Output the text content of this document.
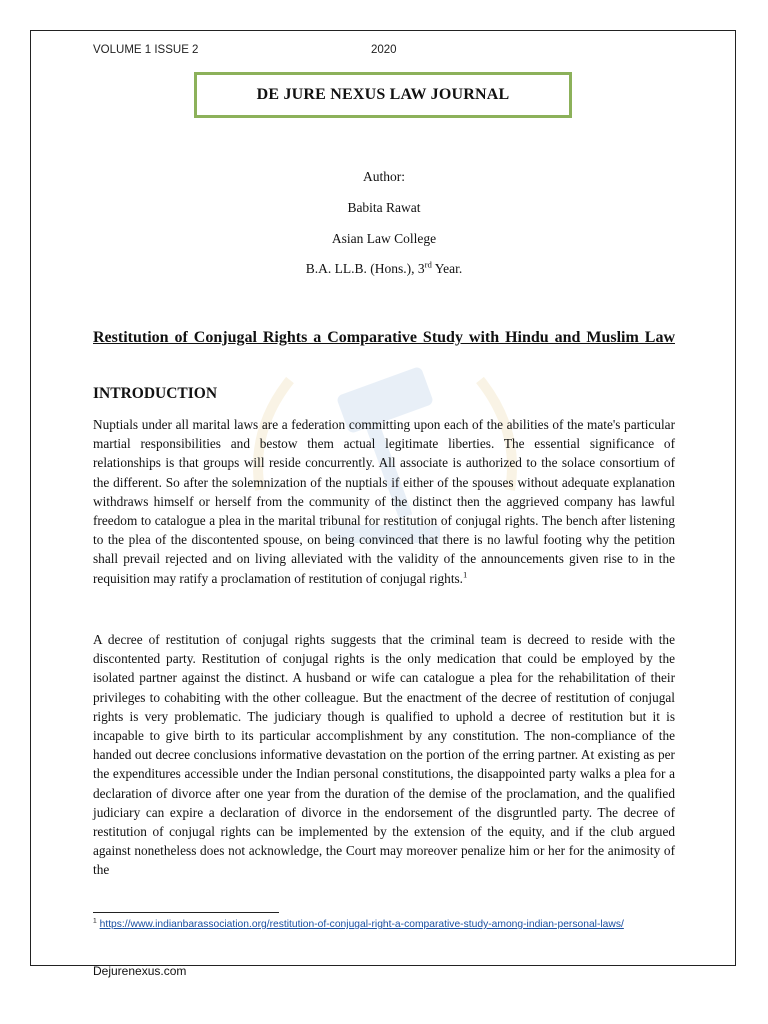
VOLUME 1 ISSUE 2	2020
DE JURE NEXUS LAW JOURNAL
Author:
Babita Rawat
Asian Law College
B.A. LL.B. (Hons.), 3rd Year.
Restitution of Conjugal Rights a Comparative Study with Hindu and Muslim Law
INTRODUCTION

Nuptials under all marital laws are a federation committing upon each of the abilities of the mate's particular martial responsibilities and bestow them actual legitimate liberties. The essential significance of relationships is that groups will reside concurrently. All associate is authorized to the solace consortium of the different. So after the solemnization of the nuptials if either of the spouses without adequate explanation withdraws himself or herself from the community of the distinct then the aggrieved company has lawful freedom to catalogue a plea in the marital tribunal for restitution of conjugal rights. The bench after listening to the plea of the discontented spouse, on being convinced that there is no lawful footing why the petition shall prevail rejected and on living alleviated with the validity of the announcements given rise to in the requisition may ratify a proclamation of restitution of conjugal rights.$^1$

A decree of restitution of conjugal rights suggests that the criminal team is decreed to reside with the discontented party. Restitution of conjugal rights is the only medication that could be employed by the isolated partner against the distinct. A husband or wife can catalogue a plea for the rehabilitation of their privileges to cohabiting with the other colleague. But the enactment of the decree of restitution of conjugal rights is very problematic. The judiciary though is qualified to uphold a decree of restitution but it is incapable to give birth to its particular accomplishment by any constitution. The non-compliance of the handed out decree conclusions informative devastation on the portion of the erring partner. At existing as per the expenditures accessible under the Indian personal constitutions, the disappointed party walks a plea for a declaration of divorce after one year from the duration of the demise of the proclamation, and the qualified judiciary can expire a declaration of divorce in the endorsement of the disgruntled party. The decree of restitution of conjugal rights can be implemented by the extension of the equity, and if the club argued against nonetheless does not acknowledge, the Court may moreover penalize him or her for the animosity of the

$^1$ https://www.indianbarassociation.org/restitution-of-conjugal-right-a-comparative-study-among-indian-personal-laws/
Dejurenexus.com
